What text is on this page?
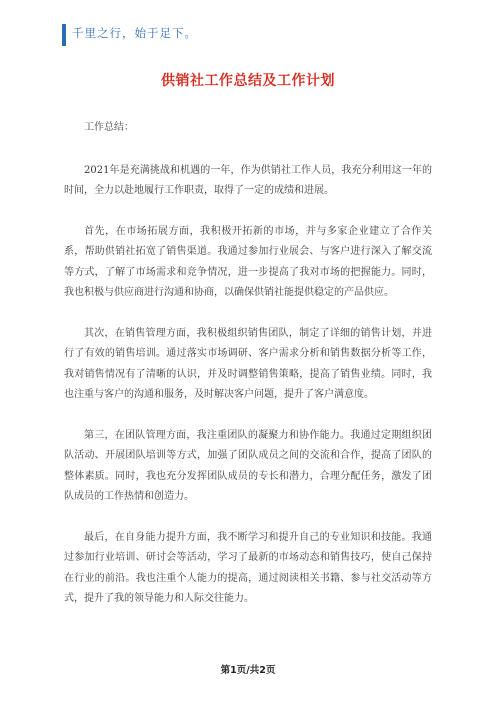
千里之行，始于足下。
供销社工作总结及工作计划

工作总结：

2021年是充满挑战和机遇的一年，作为供销社工作人员，我充分利用这一年的时间，全力以赴地履行工作职责，取得了一定的成绩和进展。

首先，在市场拓展方面，我积极开拓新的市场，并与多家企业建立了合作关系，帮助供销社拓宽了销售渠道。我通过参加行业展会、与客户进行深入了解交流等方式，了解了市场需求和竞争情况，进一步提高了我对市场的把握能力。同时，我也积极与供应商进行沟通和协商，以确保供销社能提供稳定的产品供应。

其次，在销售管理方面，我积极组织销售团队，制定了详细的销售计划，并进行了有效的销售培训。通过落实市场调研、客户需求分析和销售数据分析等工作，我对销售情况有了清晰的认识，并及时调整销售策略，提高了销售业绩。同时，我也注重与客户的沟通和服务，及时解决客户问题，提升了客户满意度。

第三，在团队管理方面，我注重团队的凝聚力和协作能力。我通过定期组织团队活动、开展团队培训等方式，加强了团队成员之间的交流和合作，提高了团队的整体素质。同时，我也充分发挥团队成员的专长和潜力，合理分配任务，激发了团队成员的工作热情和创造力。

最后，在自身能力提升方面，我不断学习和提升自己的专业知识和技能。我通过参加行业培训、研讨会等活动，学习了最新的市场动态和销售技巧，使自己保持在行业的前沿。我也注重个人能力的提高，通过阅读相关书籍、参与社交活动等方式，提升了我的领导能力和人际交往能力。

第1页/共2页
